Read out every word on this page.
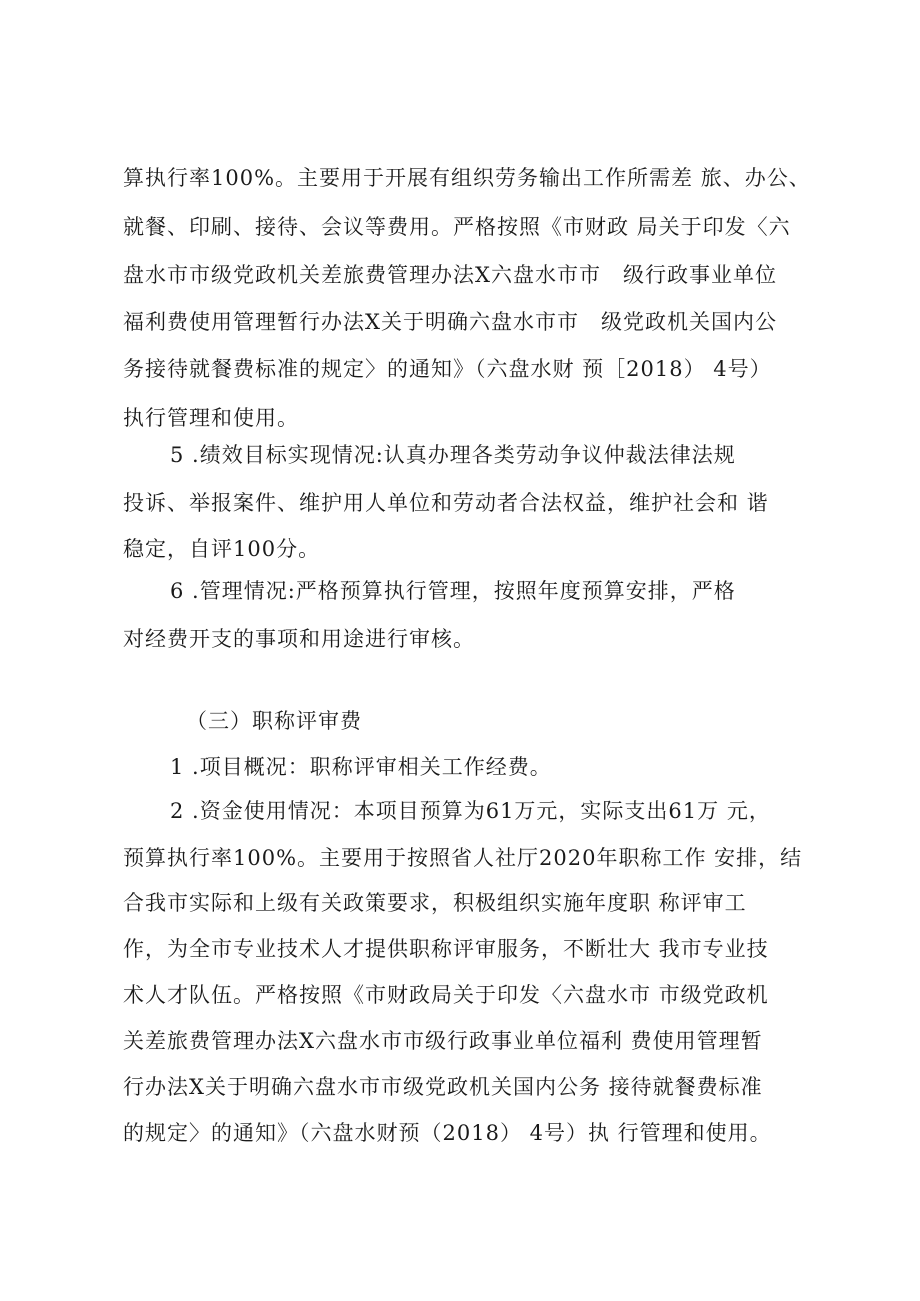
算执行率100%。主要用于开展有组织劳务输出工作所需差 旅、办公、
就餐、印刷、接待、会议等费用。严格按照《市财政 局关于印发〈六
盘水市市级党政机关差旅费管理办法X六盘水市市　级行政事业单位
福利费使用管理暂行办法X关于明确六盘水市市　级党政机关国内公
务接待就餐费标准的规定〉的通知》（六盘水财 预［2018） 4号）
执行管理和使用。
5 .绩效目标实现情况:认真办理各类劳动争议仲裁法律法规
投诉、举报案件、维护用人单位和劳动者合法权益，维护社会和 谐
稳定，自评100分。
6 .管理情况:严格预算执行管理，按照年度预算安排，严格
对经费开支的事项和用途进行审核。
（三）职称评审费
1 .项目概况：职称评审相关工作经费。
2 .资金使用情况：本项目预算为61万元，实际支出61万 元，
预算执行率100%。主要用于按照省人社厅2020年职称工作 安排，结
合我市实际和上级有关政策要求，积极组织实施年度职 称评审工
作，为全市专业技术人才提供职称评审服务，不断壮大 我市专业技
术人才队伍。严格按照《市财政局关于印发〈六盘水市 市级党政机
关差旅费管理办法X六盘水市市级行政事业单位福利 费使用管理暂
行办法X关于明确六盘水市市级党政机关国内公务 接待就餐费标准
的规定〉的通知》（六盘水财预（2018） 4号）执 行管理和使用。
